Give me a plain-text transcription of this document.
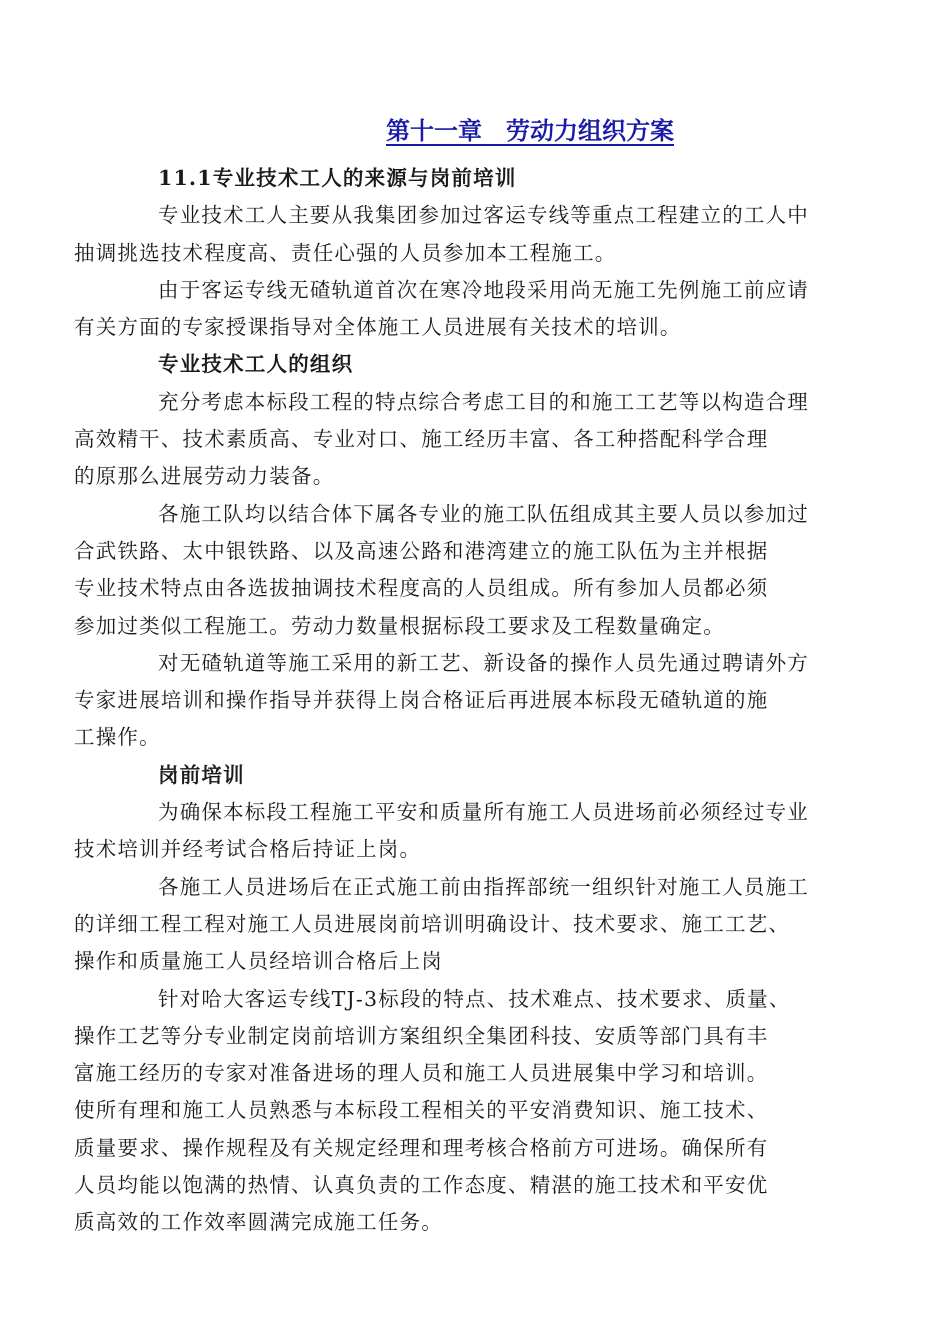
第十一章　劳动力组织方案

11.1专业技术工人的来源与岗前培训

专业技术工人主要从我集团参加过客运专线等重点工程建立的工人中
抽调挑选技术程度高、责任心强的人员参加本工程施工。

由于客运专线无碴轨道首次在寒冷地段采用尚无施工先例施工前应请
有关方面的专家授课指导对全体施工人员进展有关技术的培训。

专业技术工人的组织

充分考虑本标段工程的特点综合考虑工目的和施工工艺等以构造合理
高效精干、技术素质高、专业对口、施工经历丰富、各工种搭配科学合理
的原那么进展劳动力装备。

各施工队均以结合体下属各专业的施工队伍组成其主要人员以参加过
合武铁路、太中银铁路、以及高速公路和港湾建立的施工队伍为主并根据
专业技术特点由各选拔抽调技术程度高的人员组成。所有参加人员都必须
参加过类似工程施工。劳动力数量根据标段工要求及工程数量确定。

对无碴轨道等施工采用的新工艺、新设备的操作人员先通过聘请外方
专家进展培训和操作指导并获得上岗合格证后再进展本标段无碴轨道的施
工操作。

岗前培训

为确保本标段工程施工平安和质量所有施工人员进场前必须经过专业
技术培训并经考试合格后持证上岗。

各施工人员进场后在正式施工前由指挥部统一组织针对施工人员施工
的详细工程工程对施工人员进展岗前培训明确设计、技术要求、施工工艺、
操作和质量施工人员经培训合格后上岗

针对哈大客运专线TJ-3标段的特点、技术难点、技术要求、质量、
操作工艺等分专业制定岗前培训方案组织全集团科技、安质等部门具有丰
富施工经历的专家对准备进场的理人员和施工人员进展集中学习和培训。
使所有理和施工人员熟悉与本标段工程相关的平安消费知识、施工技术、
质量要求、操作规程及有关规定经理和理考核合格前方可进场。确保所有
人员均能以饱满的热情、认真负责的工作态度、精湛的施工技术和平安优
质高效的工作效率圆满完成施工任务。
